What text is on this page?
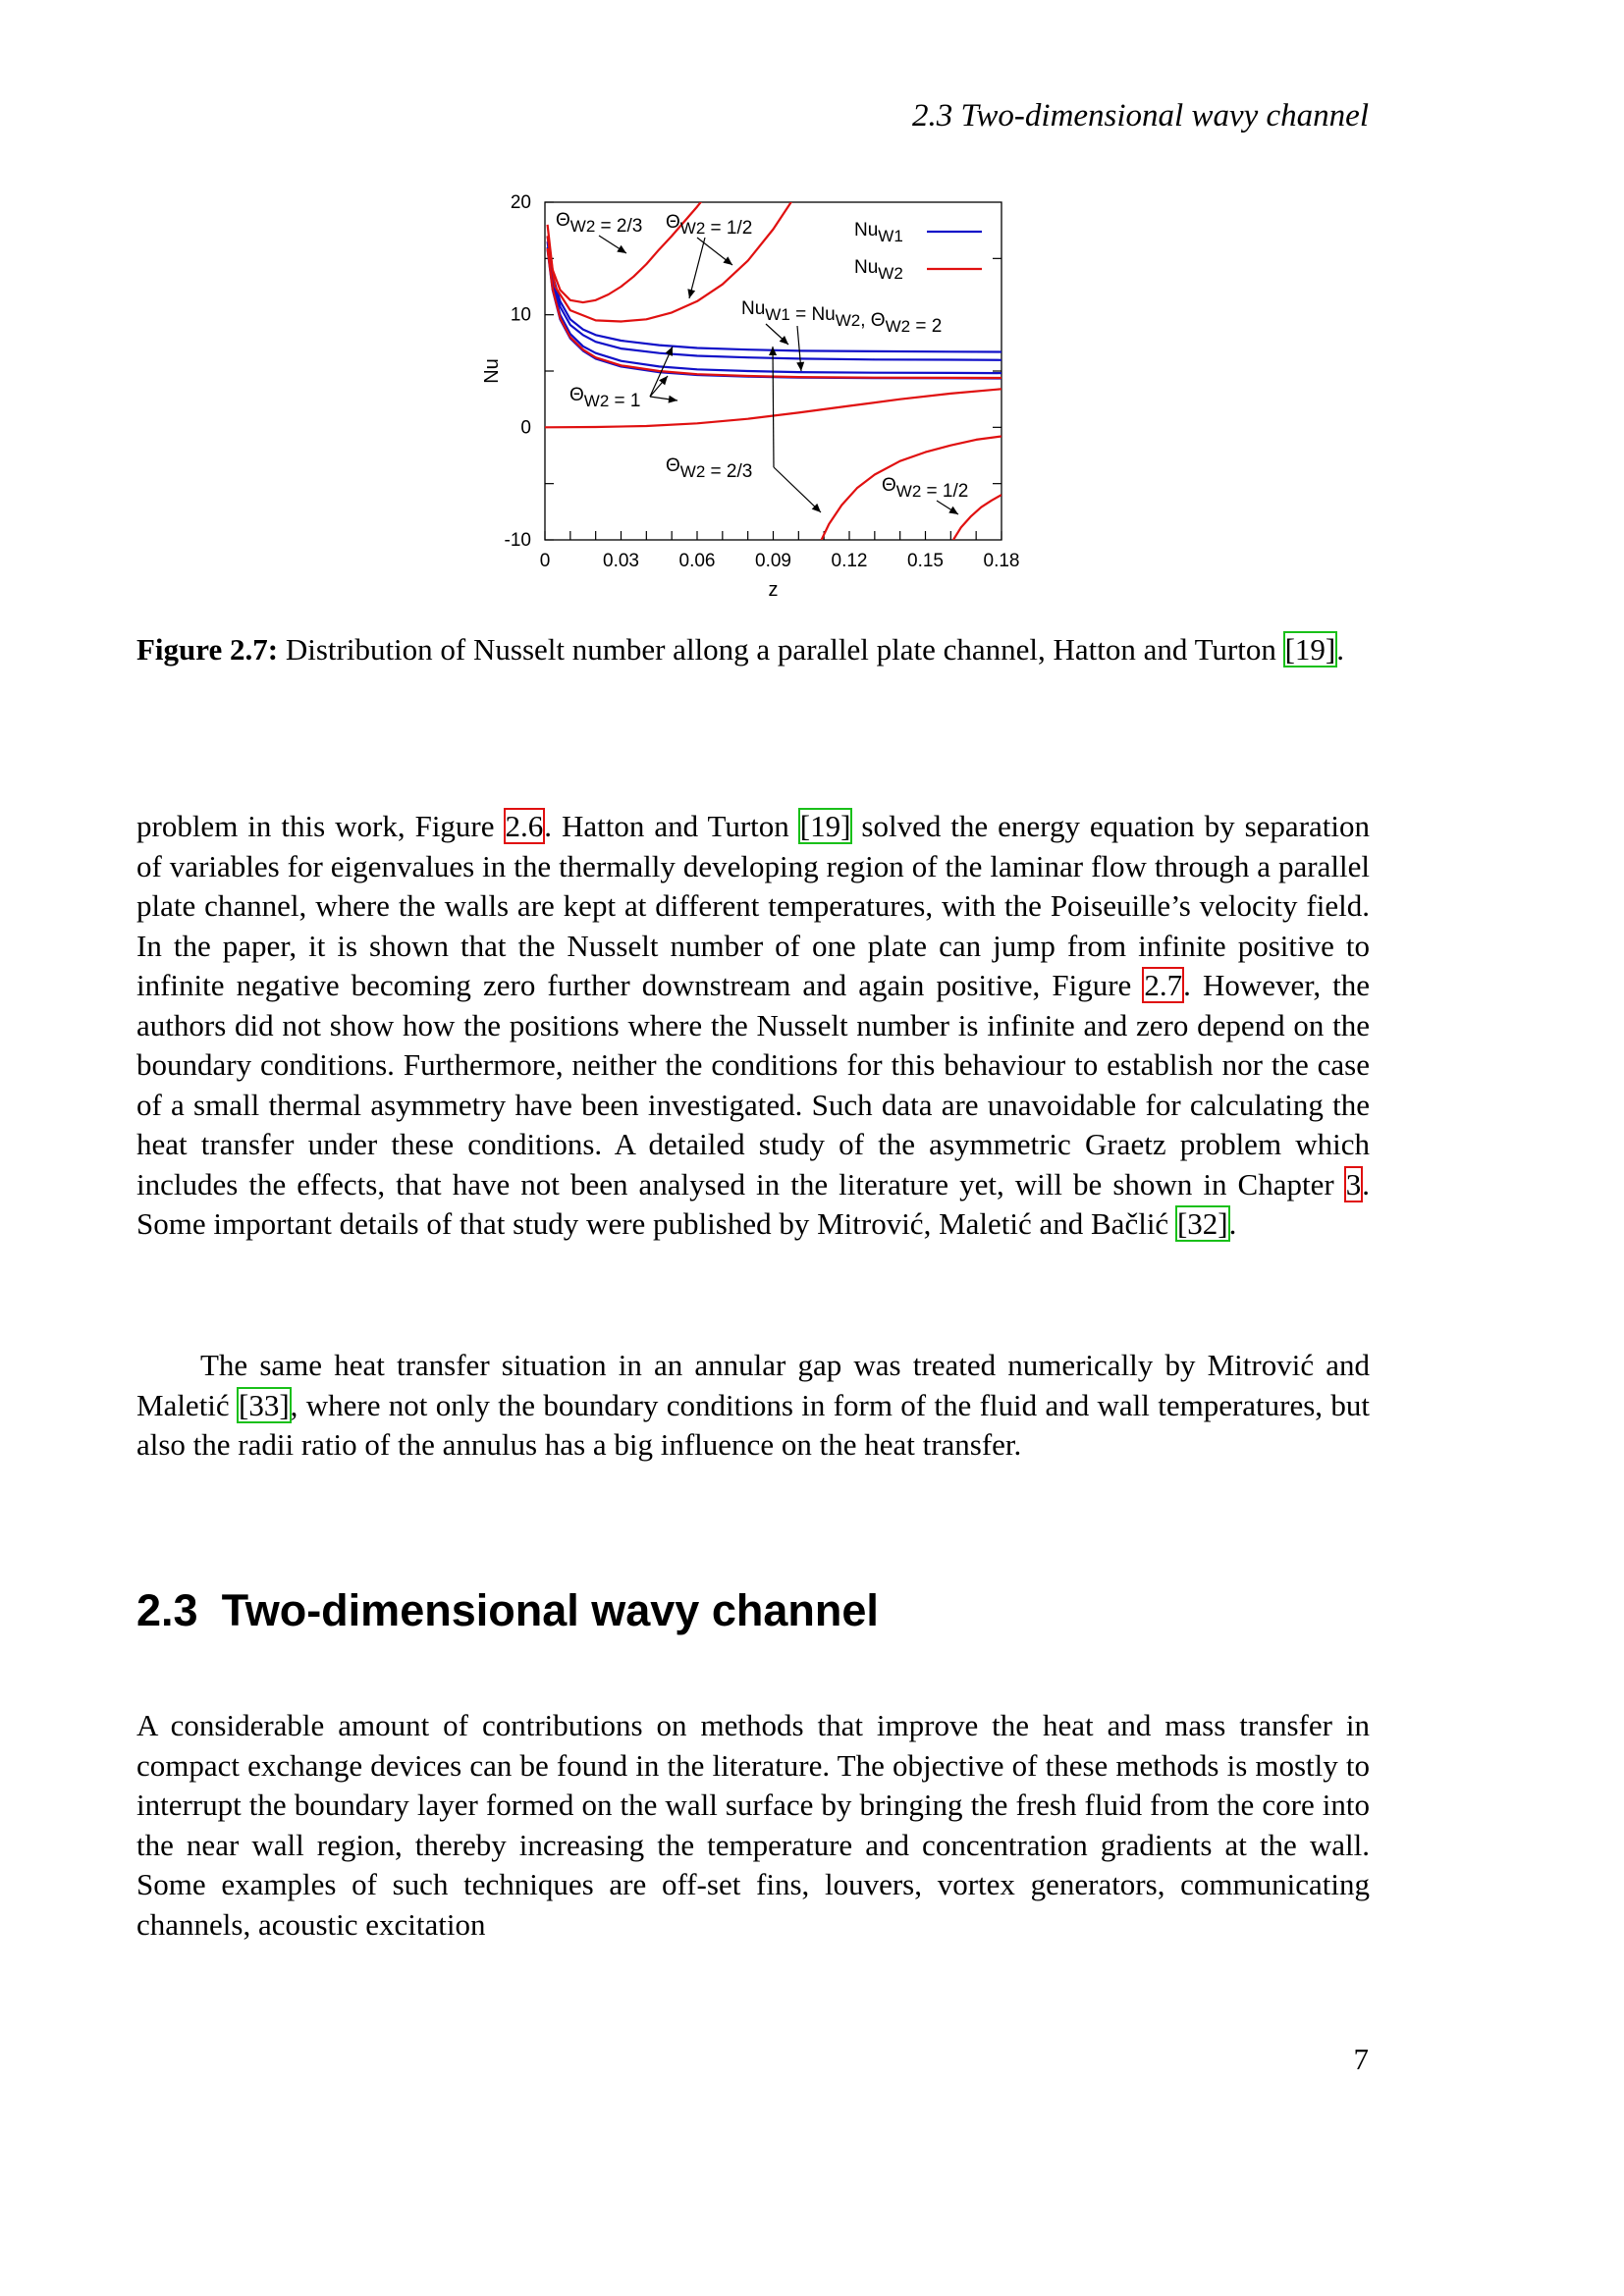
2.3 Two-dimensional wavy channel
20
10
0
-10
0	0.03 0.06 0.09 0.12 0.15 0.18
z
Nu
ΘW2 = 2/3 ΘW2 = 1/2
NuW1 = NuW2, ΘW2 = 2
ΘW2 = 1
ΘW2 = 2/3
ΘW2 = 1/2
NuW1
NuW2
Figure 2.7: Distribution of Nusselt number allong a parallel plate channel, Hatton and Turton [19].

problem in this work, Figure 2.6. Hatton and Turton [19] solved the energy equation by separation of variables for eigenvalues in the thermally developing region of the laminar flow through a parallel plate channel, where the walls are kept at different temperatures, with the Poiseuille’s velocity field. In the paper, it is shown that the Nusselt number of one plate can jump from infinite positive to infinite negative becoming zero further downstream and again positive, Figure 2.7. However, the authors did not show how the positions where the Nusselt number is infinite and zero depend on the boundary conditions. Furthermore, neither the conditions for this behaviour to establish nor the case of a small thermal asymmetry have been investigated. Such data are unavoidable for calculating the heat transfer under these conditions. A detailed study of the asymmetric Graetz problem which includes the effects, that have not been analysed in the literature yet, will be shown in Chapter 3. Some important details of that study were published by Mitrović, Maletić and Bačlić [32].

The same heat transfer situation in an annular gap was treated numerically by Mitrović and Maletić [33], where not only the boundary conditions in form of the fluid and wall temperatures, but also the radii ratio of the annulus has a big influence on the heat transfer.

2.3 Two-dimensional wavy channel

A considerable amount of contributions on methods that improve the heat and mass transfer in compact exchange devices can be found in the literature. The objective of these methods is mostly to interrupt the boundary layer formed on the wall surface by bringing the fresh fluid from the core into the near wall region, thereby increasing the temperature and concentration gradients at the wall. Some examples of such techniques are off-set fins, louvers, vortex generators, communicating channels, acoustic excitation

7
